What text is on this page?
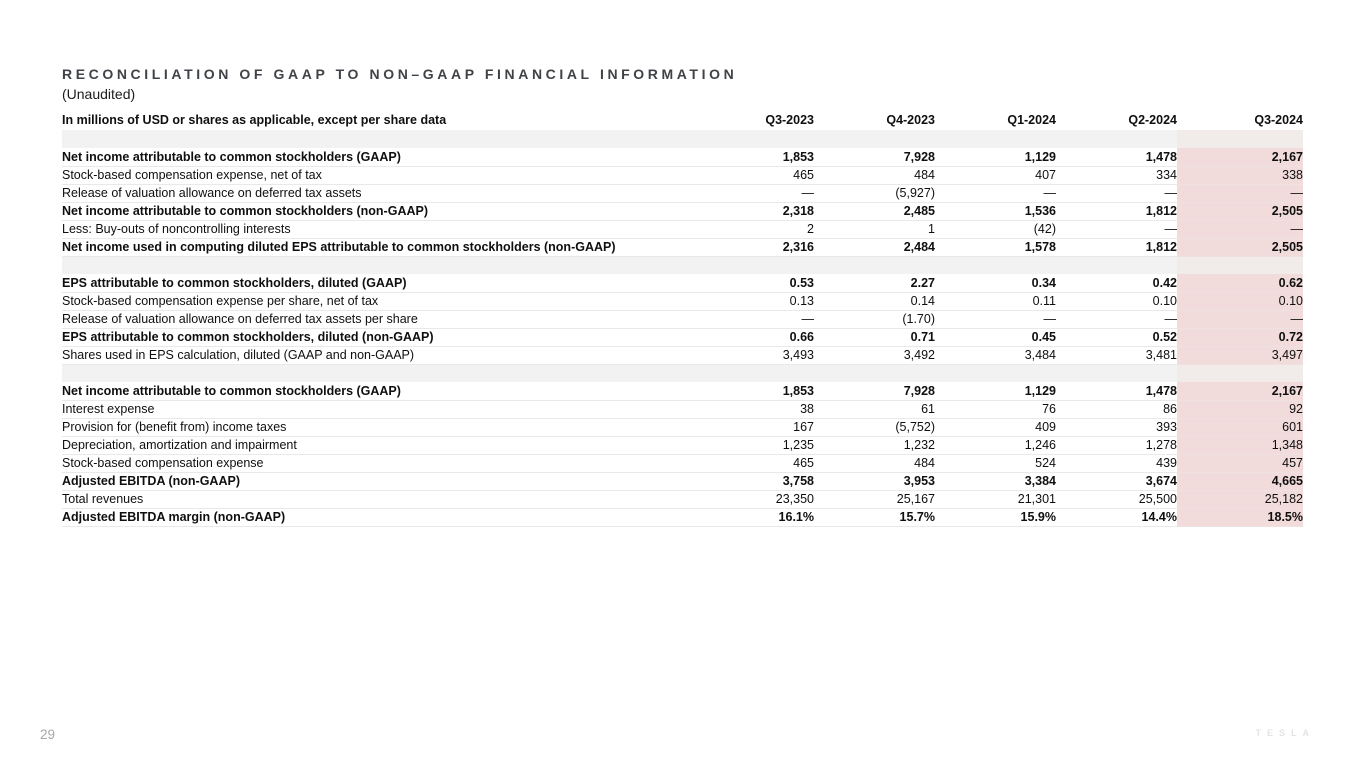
RECONCILIATION OF GAAP TO NON–GAAP FINANCIAL INFORMATION
(Unaudited)
In millions of USD or shares as applicable, except per share data	Q3-2023	Q4-2023	Q1-2024	Q2-2024	Q3-2024

Net income attributable to common stockholders (GAAP)	1,853	7,928	1,129	1,478	2,167
Stock-based compensation expense, net of tax	465	484	407	334	338
Release of valuation allowance on deferred tax assets	—	(5,927)	—	—	—
Net income attributable to common stockholders (non-GAAP)	2,318	2,485	1,536	1,812	2,505
Less: Buy-outs of noncontrolling interests	2	1	(42)	—	—
Net income used in computing diluted EPS attributable to common stockholders (non-GAAP)	2,316	2,484	1,578	1,812	2,505

EPS attributable to common stockholders, diluted (GAAP)	0.53	2.27	0.34	0.42	0.62
Stock-based compensation expense per share, net of tax	0.13	0.14	0.11	0.10	0.10
Release of valuation allowance on deferred tax assets per share	—	(1.70)	—	—	—
EPS attributable to common stockholders, diluted (non-GAAP)	0.66	0.71	0.45	0.52	0.72
Shares used in EPS calculation, diluted (GAAP and non-GAAP)	3,493	3,492	3,484	3,481	3,497

Net income attributable to common stockholders (GAAP)	1,853	7,928	1,129	1,478	2,167
Interest expense	38	61	76	86	92
Provision for (benefit from) income taxes	167	(5,752)	409	393	601
Depreciation, amortization and impairment	1,235	1,232	1,246	1,278	1,348
Stock-based compensation expense	465	484	524	439	457
Adjusted EBITDA (non-GAAP)	3,758	3,953	3,384	3,674	4,665
Total revenues	23,350	25,167	21,301	25,500	25,182
Adjusted EBITDA margin (non-GAAP)	16.1%	15.7%	15.9%	14.4%	18.5%
29	TESLA
